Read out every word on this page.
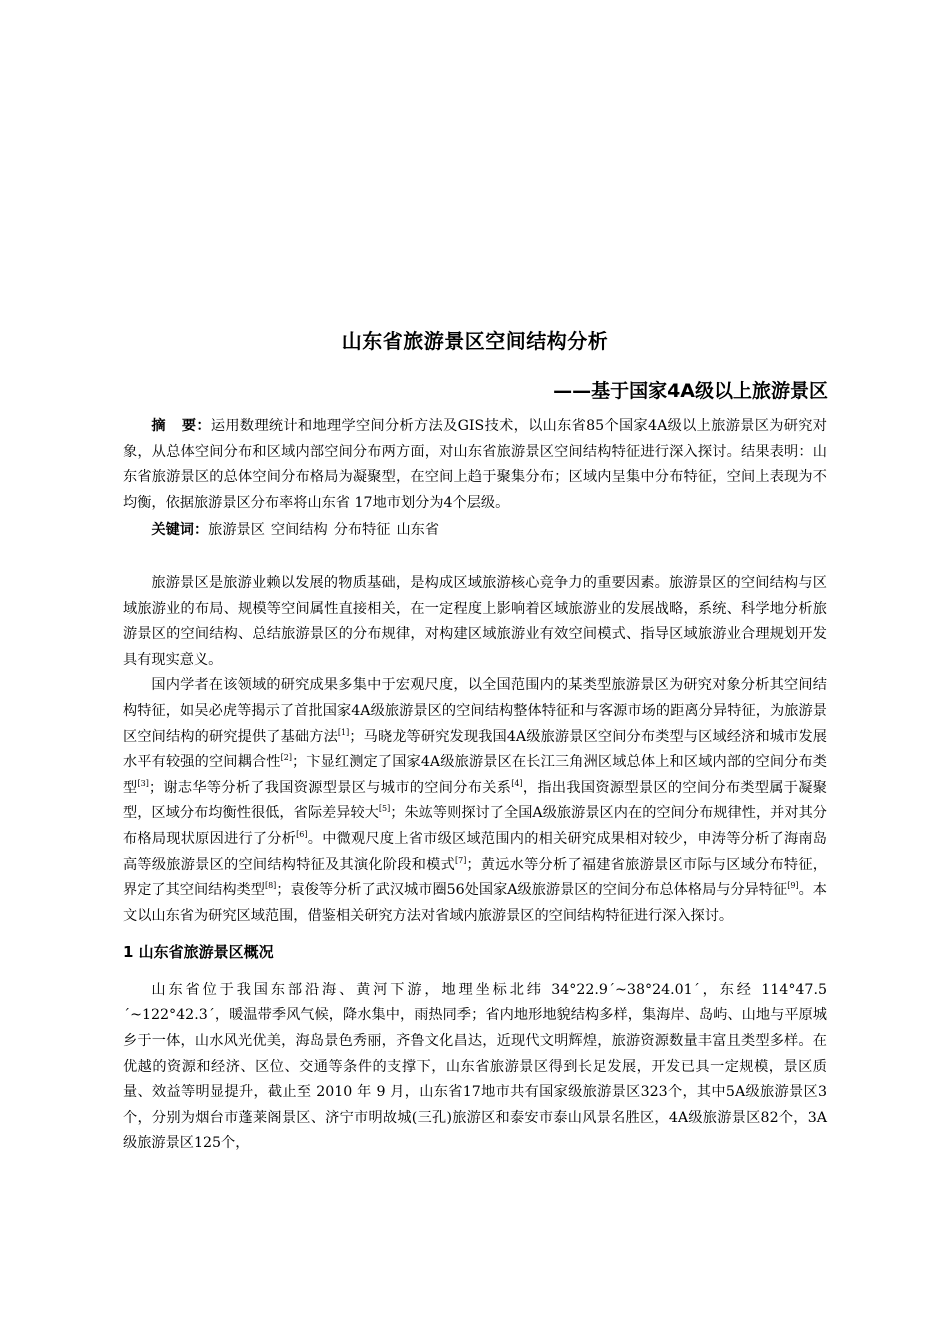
山东省旅游景区空间结构分析
——基于国家4A级以上旅游景区

摘 要：运用数理统计和地理学空间分析方法及GIS技术，以山东省85个国家4A级以上旅游景区为研究对象，从总体空间分布和区域内部空间分布两方面，对山东省旅游景区空间结构特征进行深入探讨。结果表明：山东省旅游景区的总体空间分布格局为凝聚型，在空间上趋于聚集分布；区域内呈集中分布特征，空间上表现为不均衡，依据旅游景区分布率将山东省 17地市划分为4个层级。

关键词：旅游景区 空间结构 分布特征 山东省

旅游景区是旅游业赖以发展的物质基础，是构成区域旅游核心竞争力的重要因素。旅游景区的空间结构与区域旅游业的布局、规模等空间属性直接相关，在一定程度上影响着区域旅游业的发展战略，系统、科学地分析旅游景区的空间结构、总结旅游景区的分布规律，对构建区域旅游业有效空间模式、指导区域旅游业合理规划开发具有现实意义。

国内学者在该领域的研究成果多集中于宏观尺度，以全国范围内的某类型旅游景区为研究对象分析其空间结构特征，如吴必虎等揭示了首批国家4A级旅游景区的空间结构整体特征和与客源市场的距离分异特征，为旅游景区空间结构的研究提供了基础方法[1]；马晓龙等研究发现我国4A级旅游景区空间分布类型与区域经济和城市发展水平有较强的空间耦合性[2]；卞显红测定了国家4A级旅游景区在长江三角洲区域总体上和区域内部的空间分布类型[3]；谢志华等分析了我国资源型景区与城市的空间分布关系[4]，指出我国资源型景区的空间分布类型属于凝聚型，区域分布均衡性很低，省际差异较大[5]；朱竑等则探讨了全国A级旅游景区内在的空间分布规律性，并对其分布格局现状原因进行了分析[6]。中微观尺度上省市级区域范围内的相关研究成果相对较少，申涛等分析了海南岛高等级旅游景区的空间结构特征及其演化阶段和模式[7]；黄远水等分析了福建省旅游景区市际与区域分布特征，界定了其空间结构类型[8]；袁俊等分析了武汉城市圈56处国家A级旅游景区的空间分布总体格局与分异特征[9]。本文以山东省为研究区域范围，借鉴相关研究方法对省域内旅游景区的空间结构特征进行深入探讨。

1 山东省旅游景区概况

山东省位于我国东部沿海、黄河下游，地理坐标北纬 34°22.9´~38°24.01´，东经 114°47.5´~122°42.3´，暖温带季风气候，降水集中，雨热同季；省内地形地貌结构多样，集海岸、岛屿、山地与平原城乡于一体，山水风光优美，海岛景色秀丽，齐鲁文化昌达，近现代文明辉煌，旅游资源数量丰富且类型多样。在优越的资源和经济、区位、交通等条件的支撑下，山东省旅游景区得到长足发展，开发已具一定规模，景区质量、效益等明显提升，截止至 2010 年 9 月，山东省17地市共有国家级旅游景区323个，其中5A级旅游景区3个，分别为烟台市蓬莱阁景区、济宁市明故城(三孔)旅游区和泰安市泰山风景名胜区，4A级旅游景区82个，3A级旅游景区125个，
